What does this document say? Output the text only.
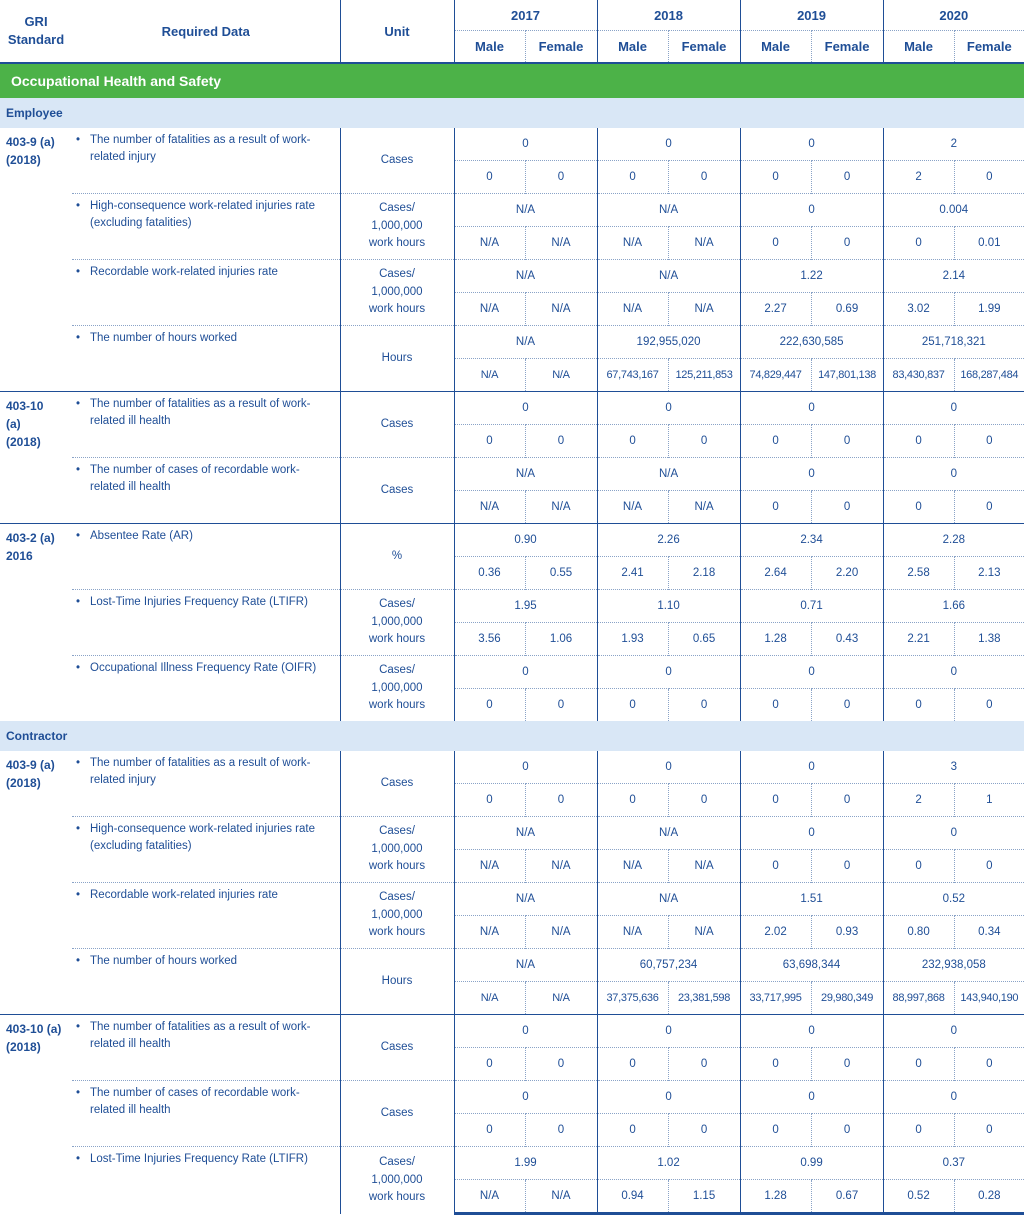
GRI
Standard	Required Data	Unit	2017		2018		2019		2020	
			Male	Female	Male	Female	Male	Female	Male	Female
Occupational Health and Safety										
Employee										
403-9 (a)
(2018)	• The number of fatalities as a result of work-related injury	Cases	0		0		0		2	
			0	0	0	0	0	0	2	0

	• High-consequence work-related injuries rate (excluding fatalities)	Cases/
1,000,000
work hours	N/A		N/A		0		0.004	
			N/A	N/A	N/A	N/A	0	0	0	0.01

	• Recordable work-related injuries rate	Cases/
1,000,000
work hours	N/A		N/A		1.22		2.14	
			N/A	N/A	N/A	N/A	2.27	0.69	3.02	1.99

	• The number of hours worked	Hours	N/A		192,955,020		222,630,585		251,718,321	
			N/A	N/A	67,743,167	125,211,853	74,829,447	147,801,138	83,430,837	168,287,484
403-10
(a)
(2018)	• The number of fatalities as a result of work-related ill health	Cases	0		0		0		0	
			0	0	0	0	0	0	0	0

	• The number of cases of recordable work-related ill health	Cases	N/A		N/A		0		0	
			N/A	N/A	N/A	N/A	0	0	0	0
403-2 (a)
2016	• Absentee Rate (AR)	%	0.90		2.26		2.34		2.28	
			0.36	0.55	2.41	2.18	2.64	2.20	2.58	2.13

	• Lost-Time Injuries Frequency Rate (LTIFR)	Cases/
1,000,000
work hours	1.95		1.10		0.71		1.66	
			3.56	1.06	1.93	0.65	1.28	0.43	2.21	1.38

	• Occupational Illness Frequency Rate (OIFR)	Cases/
1,000,000
work hours	0		0		0		0	
			0	0	0	0	0	0	0	0
Contractor										
403-9 (a)
(2018)	• The number of fatalities as a result of work-related injury	Cases	0		0		0		3	
			0	0	0	0	0	0	2	1

	• High-consequence work-related injuries rate (excluding fatalities)	Cases/
1,000,000
work hours	N/A		N/A		0		0	
			N/A	N/A	N/A	N/A	0	0	0	0

	• Recordable work-related injuries rate	Cases/
1,000,000
work hours	N/A		N/A		1.51		0.52	
			N/A	N/A	N/A	N/A	2.02	0.93	0.80	0.34

	• The number of hours worked	Hours	N/A		60,757,234		63,698,344		232,938,058	
			N/A	N/A	37,375,636	23,381,598	33,717,995	29,980,349	88,997,868	143,940,190
403-10 (a)
(2018)	• The number of fatalities as a result of work-related ill health	Cases	0		0		0		0	
			0	0	0	0	0	0	0	0

	• The number of cases of recordable work-related ill health	Cases	0		0		0		0	
			0	0	0	0	0	0	0	0

	• Lost-Time Injuries Frequency Rate (LTIFR)	Cases/
1,000,000
work hours	1.99		1.02		0.99		0.37	
			N/A	N/A	0.94	1.15	1.28	0.67	0.52	0.28
